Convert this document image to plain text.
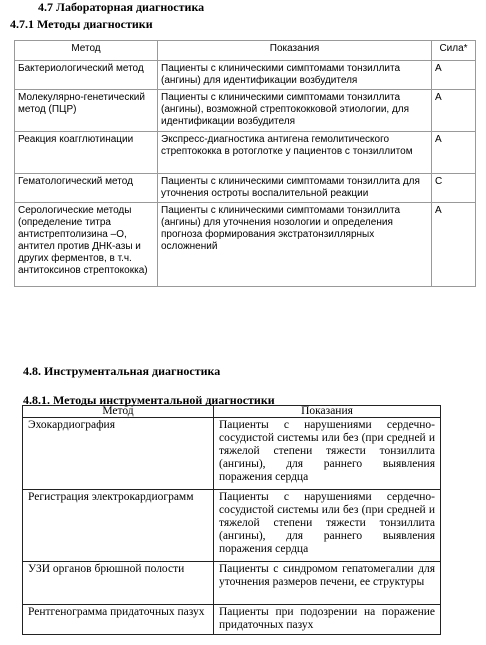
4.7 Лабораторная диагностика
4.7.1 Методы диагностики
Метод	Показания	Сила*
Бактериологический метод	Пациенты с клиническими симптомами тонзиллита (ангины) для идентификации возбудителя	A
Молекулярно-генетический метод (ПЦР)	Пациенты с клиническими симптомами тонзиллита (ангины), возможной стрептококковой этиологии, для идентификации возбудителя	A
Реакция коагглютинации	Экспресс-диагностика антигена гемолитического стрептококка в ротоглотке у пациентов с тонзиллитом	A
Гематологический метод	Пациенты с клиническими симптомами тонзиллита для уточнения остроты воспалительной реакции	C
Серологические методы (определение титра антистрептолизина –О, антител против ДНК-азы и других ферментов, в т.ч. антитоксинов стрептококка)	Пациенты с клиническими симптомами тонзиллита (ангины) для уточнения нозологии и определения прогноза формирования экстратонзиллярных осложнений	A
4.8. Инструментальная диагностика
4.8.1. Методы инструментальной диагностики
Метод	Показания
Эхокардиография	Пациенты с нарушениями сердечно-сосудистой системы или без (при средней и тяжелой степени тяжести тонзиллита (ангины), для раннего выявления поражения сердца
Регистрация электрокардиограмм	Пациенты с нарушениями сердечно-сосудистой системы или без (при средней и тяжелой степени тяжести тонзиллита (ангины), для раннего выявления поражения сердца
УЗИ органов брюшной полости	Пациенты с синдромом гепатомегалии для уточнения размеров печени, ее структуры
Рентгенограмма придаточных пазух	Пациенты при подозрении на поражение придаточных пазух
